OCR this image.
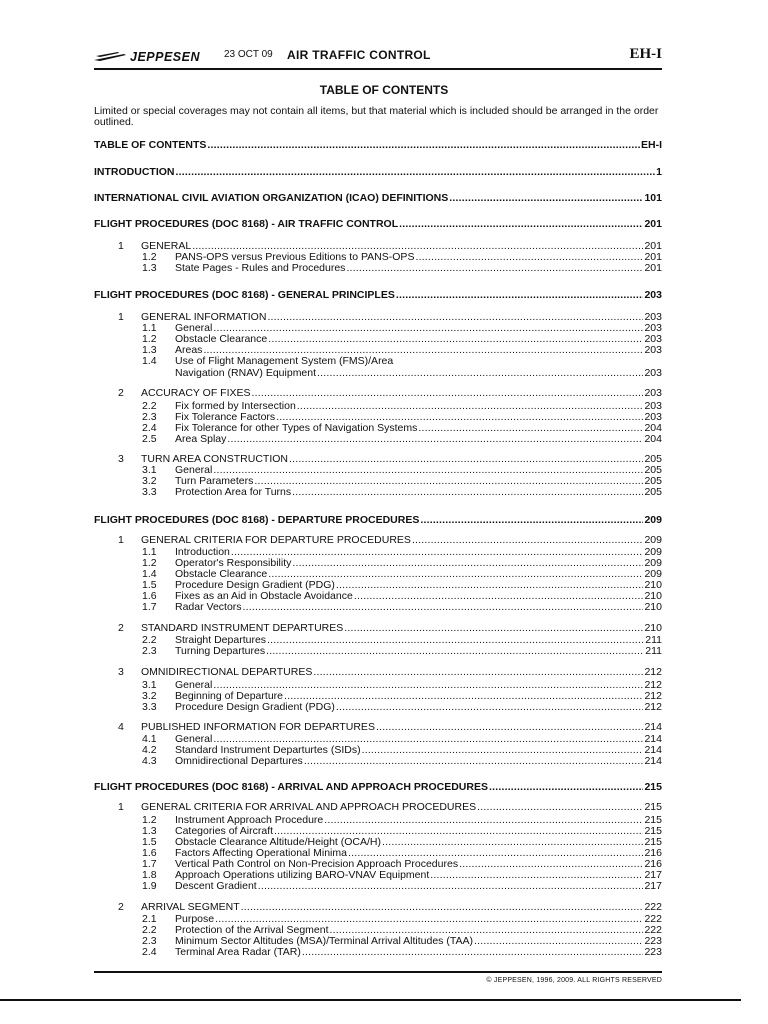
JEPPESEN 23 OCT 09 AIR TRAFFIC CONTROL	EH-I
TABLE OF CONTENTS
Limited or special coverages may not contain all items, but that material which is included should be arranged in the order outlined.
TABLE OF CONTENTS .....	EH-I
INTRODUCTION .....	1
INTERNATIONAL CIVIL AVIATION ORGANIZATION (ICAO) DEFINITIONS .....	101
FLIGHT PROCEDURES (DOC 8168) - AIR TRAFFIC CONTROL .....	201
1 GENERAL .....	201
1.2 PANS-OPS versus Previous Editions to PANS-OPS .....	201
1.3 State Pages - Rules and Procedures .....	201
FLIGHT PROCEDURES (DOC 8168) - GENERAL PRINCIPLES .....	203
1 GENERAL INFORMATION .....	203
1.1 General .....	203
1.2 Obstacle Clearance .....	203
1.3 Areas .....	203
1.4 Use of Flight Management System (FMS)/Area
Navigation (RNAV) Equipment .....	203
2 ACCURACY OF FIXES .....	203
2.2 Fix formed by Intersection .....	203
2.3 Fix Tolerance Factors .....	203
2.4 Fix Tolerance for other Types of Navigation Systems .....	204
2.5 Area Splay .....	204
3 TURN AREA CONSTRUCTION .....	205
3.1 General .....	205
3.2 Turn Parameters .....	205
3.3 Protection Area for Turns .....	205
FLIGHT PROCEDURES (DOC 8168) - DEPARTURE PROCEDURES .....	209
1 GENERAL CRITERIA FOR DEPARTURE PROCEDURES .....	209
1.1 Introduction .....	209
1.2 Operator's Responsibility .....	209
1.4 Obstacle Clearance .....	209
1.5 Procedure Design Gradient (PDG) .....	210
1.6 Fixes as an Aid in Obstacle Avoidance .....	210
1.7 Radar Vectors .....	210
2 STANDARD INSTRUMENT DEPARTURES .....	210
2.2 Straight Departures .....	211
2.3 Turning Departures .....	211
3 OMNIDIRECTIONAL DEPARTURES .....	212
3.1 General .....	212
3.2 Beginning of Departure .....	212
3.3 Procedure Design Gradient (PDG) .....	212
4 PUBLISHED INFORMATION FOR DEPARTURES .....	214
4.1 General .....	214
4.2 Standard Instrument Departurtes (SIDs) .....	214
4.3 Omnidirectional Departures .....	214
FLIGHT PROCEDURES (DOC 8168) - ARRIVAL AND APPROACH PROCEDURES .....	215
1 GENERAL CRITERIA FOR ARRIVAL AND APPROACH PROCEDURES .....	215
1.2 Instrument Approach Procedure .....	215
1.3 Categories of Aircraft .....	215
1.5 Obstacle Clearance Altitude/Height (OCA/H) .....	215
1.6 Factors Affecting Operational Minima .....	216
1.7 Vertical Path Control on Non-Precision Approach Procedures .....	216
1.8 Approach Operations utilizing BARO-VNAV Equipment .....	217
1.9 Descent Gradient .....	217
2 ARRIVAL SEGMENT .....	222
2.1 Purpose .....	222
2.2 Protection of the Arrival Segment .....	222
2.3 Minimum Sector Altitudes (MSA)/Terminal Arrival Altitudes (TAA) .....	223
2.4 Terminal Area Radar (TAR) .....	223
© JEPPESEN, 1996, 2009. ALL RIGHTS RESERVED
